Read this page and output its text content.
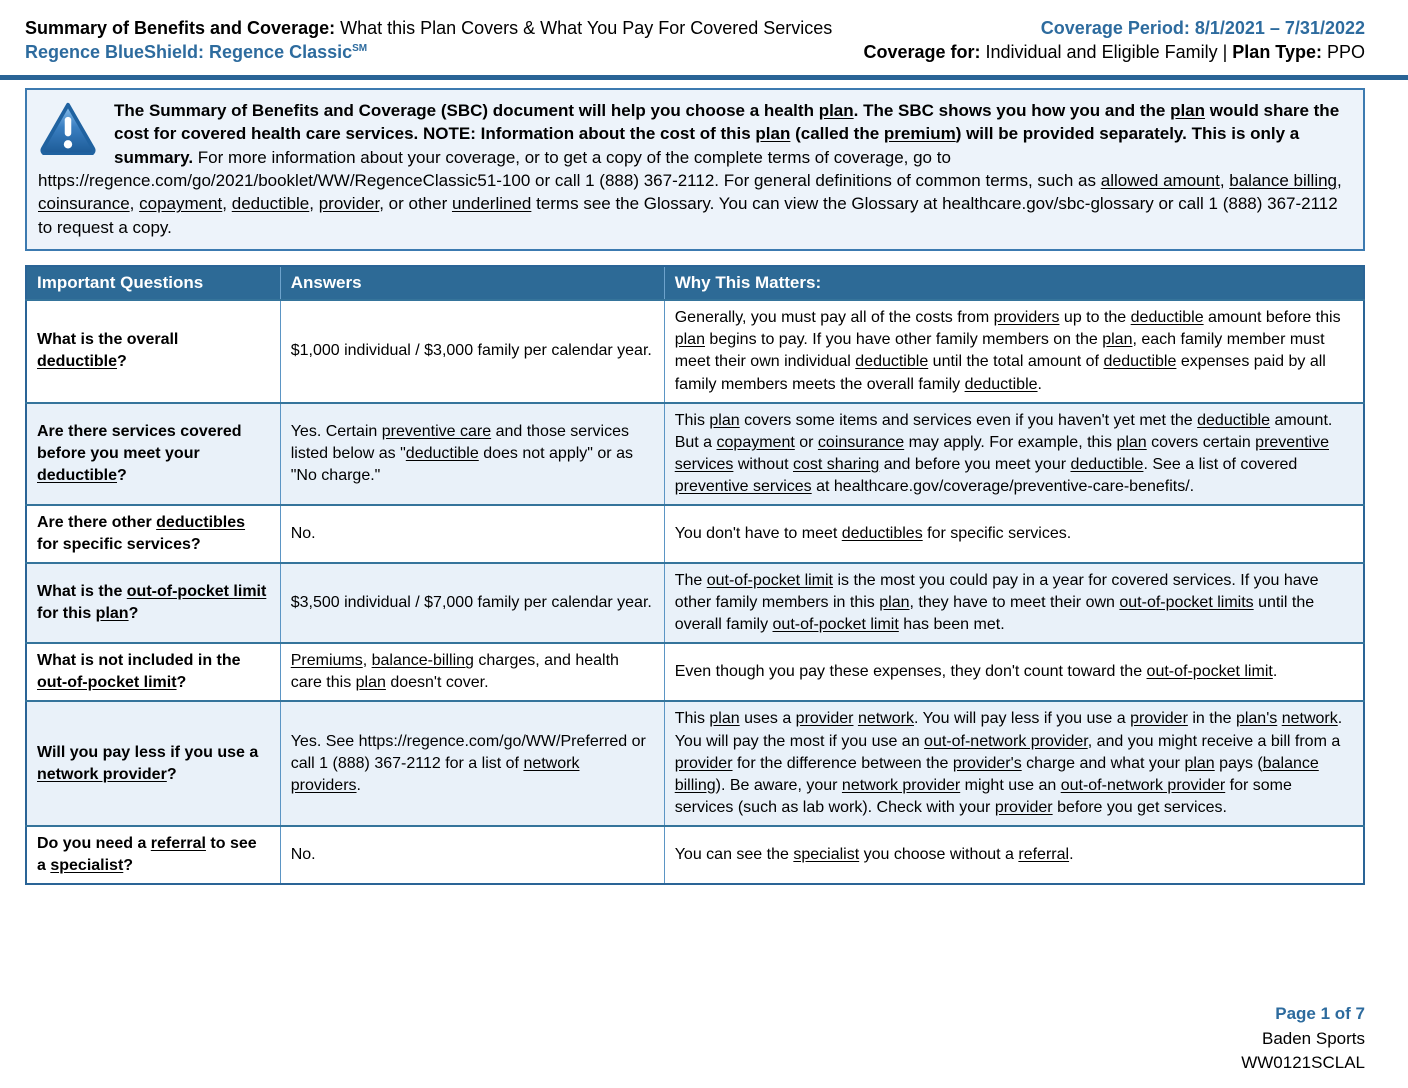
Summary of Benefits and Coverage: What this Plan Covers & What You Pay For Covered Services
Regence BlueShield: Regence Classic℠
Coverage Period: 8/1/2021 – 7/31/2022
Coverage for: Individual and Eligible Family | Plan Type: PPO
The Summary of Benefits and Coverage (SBC) document will help you choose a health plan. The SBC shows you how you and the plan would share the cost for covered health care services. NOTE: Information about the cost of this plan (called the premium) will be provided separately. This is only a summary. For more information about your coverage, or to get a copy of the complete terms of coverage, go to https://regence.com/go/2021/booklet/WW/RegenceClassic51-100 or call 1 (888) 367-2112. For general definitions of common terms, such as allowed amount, balance billing, coinsurance, copayment, deductible, provider, or other underlined terms see the Glossary. You can view the Glossary at healthcare.gov/sbc-glossary or call 1 (888) 367-2112 to request a copy.
Important Questions	Answers	Why This Matters:
What is the overall deductible?	$1,000 individual / $3,000 family per calendar year.	Generally, you must pay all of the costs from providers up to the deductible amount before this plan begins to pay. If you have other family members on the plan, each family member must meet their own individual deductible until the total amount of deductible expenses paid by all family members meets the overall family deductible.
Are there services covered before you meet your deductible?	Yes. Certain preventive care and those services listed below as "deductible does not apply" or as "No charge."	This plan covers some items and services even if you haven't yet met the deductible amount. But a copayment or coinsurance may apply. For example, this plan covers certain preventive services without cost sharing and before you meet your deductible. See a list of covered preventive services at healthcare.gov/coverage/preventive-care-benefits/.
Are there other deductibles for specific services?	No.	You don't have to meet deductibles for specific services.
What is the out-of-pocket limit for this plan?	$3,500 individual / $7,000 family per calendar year.	The out-of-pocket limit is the most you could pay in a year for covered services. If you have other family members in this plan, they have to meet their own out-of-pocket limits until the overall family out-of-pocket limit has been met.
What is not included in the out-of-pocket limit?	Premiums, balance-billing charges, and health care this plan doesn't cover.	Even though you pay these expenses, they don't count toward the out-of-pocket limit.
Will you pay less if you use a network provider?	Yes. See https://regence.com/go/WW/Preferred or call 1 (888) 367-2112 for a list of network providers.	This plan uses a provider network. You will pay less if you use a provider in the plan's network. You will pay the most if you use an out-of-network provider, and you might receive a bill from a provider for the difference between the provider's charge and what your plan pays (balance billing). Be aware, your network provider might use an out-of-network provider for some services (such as lab work). Check with your provider before you get services.
Do you need a referral to see a specialist?	No.	You can see the specialist you choose without a referral.
Page 1 of 7
Baden Sports
WW0121SCLAL
